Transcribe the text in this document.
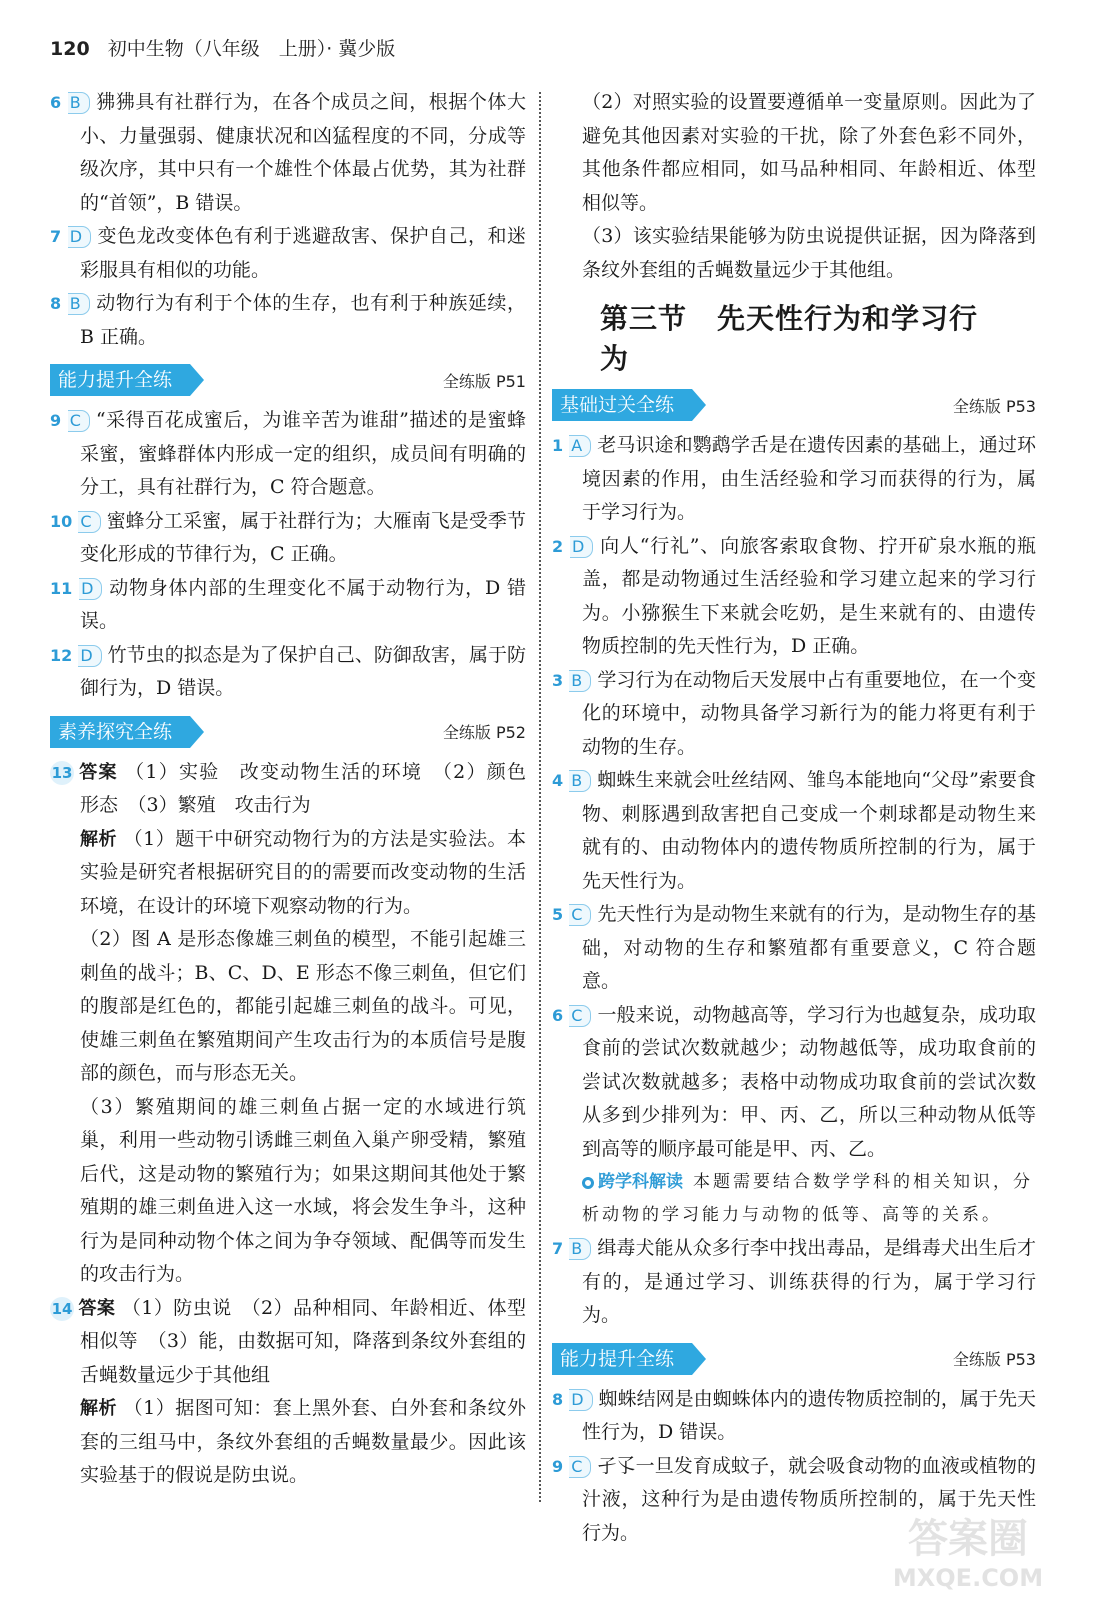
120 初中生物（八年级　上册）· 冀少版

6 B 狒狒具有社群行为，在各个成员之间，根据个体大小、力量强弱、健康状况和凶猛程度的不同，分成等级次序，其中只有一个雄性个体最占优势，其为社群的“首领”，B 错误。

7 D 变色龙改变体色有利于逃避敌害、保护自己，和迷彩服具有相似的功能。

8 B 动物行为有利于个体的生存，也有利于种族延续，B 正确。

能力提升全练	全练版 P51

9 C “采得百花成蜜后，为谁辛苦为谁甜”描述的是蜜蜂采蜜，蜜蜂群体内形成一定的组织，成员间有明确的分工，具有社群行为，C 符合题意。

10 C 蜜蜂分工采蜜，属于社群行为；大雁南飞是受季节变化形成的节律行为，C 正确。

11 D 动物身体内部的生理变化不属于动物行为，D 错误。

12 D 竹节虫的拟态是为了保护自己、防御敌害，属于防御行为，D 错误。

素养探究全练	全练版 P52

13 答案 （1）实验　改变动物生活的环境　（2）颜色　形态　（3）繁殖　攻击行为

解析 （1）题干中研究动物行为的方法是实验法。本实验是研究者根据研究目的的需要而改变动物的生活环境，在设计的环境下观察动物的行为。

（2）图 A 是形态像雄三刺鱼的模型，不能引起雄三刺鱼的战斗；B、C、D、E 形态不像三刺鱼，但它们的腹部是红色的，都能引起雄三刺鱼的战斗。可见，使雄三刺鱼在繁殖期间产生攻击行为的本质信号是腹部的颜色，而与形态无关。

（3）繁殖期间的雄三刺鱼占据一定的水域进行筑巢，利用一些动物引诱雌三刺鱼入巢产卵受精，繁殖后代，这是动物的繁殖行为；如果这期间其他处于繁殖期的雄三刺鱼进入这一水域，将会发生争斗，这种行为是同种动物个体之间为争夺领域、配偶等而发生的攻击行为。

14 答案 （1）防虫说　（2）品种相同、年龄相近、体型相似等　（3）能，由数据可知，降落到条纹外套组的舌蝇数量远少于其他组

解析 （1）据图可知：套上黑外套、白外套和条纹外套的三组马中，条纹外套组的舌蝇数量最少。因此该实验基于的假说是防虫说。

（2）对照实验的设置要遵循单一变量原则。因此为了避免其他因素对实验的干扰，除了外套色彩不同外，其他条件都应相同，如马品种相同、年龄相近、体型相似等。

（3）该实验结果能够为防虫说提供证据，因为降落到条纹外套组的舌蝇数量远少于其他组。

第三节 先天性行为和学习行为
基础过关全练	全练版 P53

1 A 老马识途和鹦鹉学舌是在遗传因素的基础上，通过环境因素的作用，由生活经验和学习而获得的行为，属于学习行为。

2 D 向人“行礼”、向旅客索取食物、拧开矿泉水瓶的瓶盖，都是动物通过生活经验和学习建立起来的学习行为。小猕猴生下来就会吃奶，是生来就有的、由遗传物质控制的先天性行为，D 正确。

3 B 学习行为在动物后天发展中占有重要地位，在一个变化的环境中，动物具备学习新行为的能力将更有利于动物的生存。

4 B 蜘蛛生来就会吐丝结网、雏鸟本能地向“父母”索要食物、刺豚遇到敌害把自己变成一个刺球都是动物生来就有的、由动物体内的遗传物质所控制的行为，属于先天性行为。

5 C 先天性行为是动物生来就有的行为，是动物生存的基础，对动物的生存和繁殖都有重要意义，C 符合题意。

6 C 一般来说，动物越高等，学习行为也越复杂，成功取食前的尝试次数就越少；动物越低等，成功取食前的尝试次数就越多；表格中动物成功取食前的尝试次数从多到少排列为：甲、丙、乙，所以三种动物从低等到高等的顺序最可能是甲、丙、乙。

跨学科解读 本题需要结合数学学科的相关知识，分析动物的学习能力与动物的低等、高等的关系。

7 B 缉毒犬能从众多行李中找出毒品，是缉毒犬出生后才有的，是通过学习、训练获得的行为，属于学习行为。

能力提升全练	全练版 P53

8 D 蜘蛛结网是由蜘蛛体内的遗传物质控制的，属于先天性行为，D 错误。

9 C 孑孓一旦发育成蚊子，就会吸食动物的血液或植物的汁液，这种行为是由遗传物质所控制的，属于先天性行为。	答案圈
MXQE.COM
